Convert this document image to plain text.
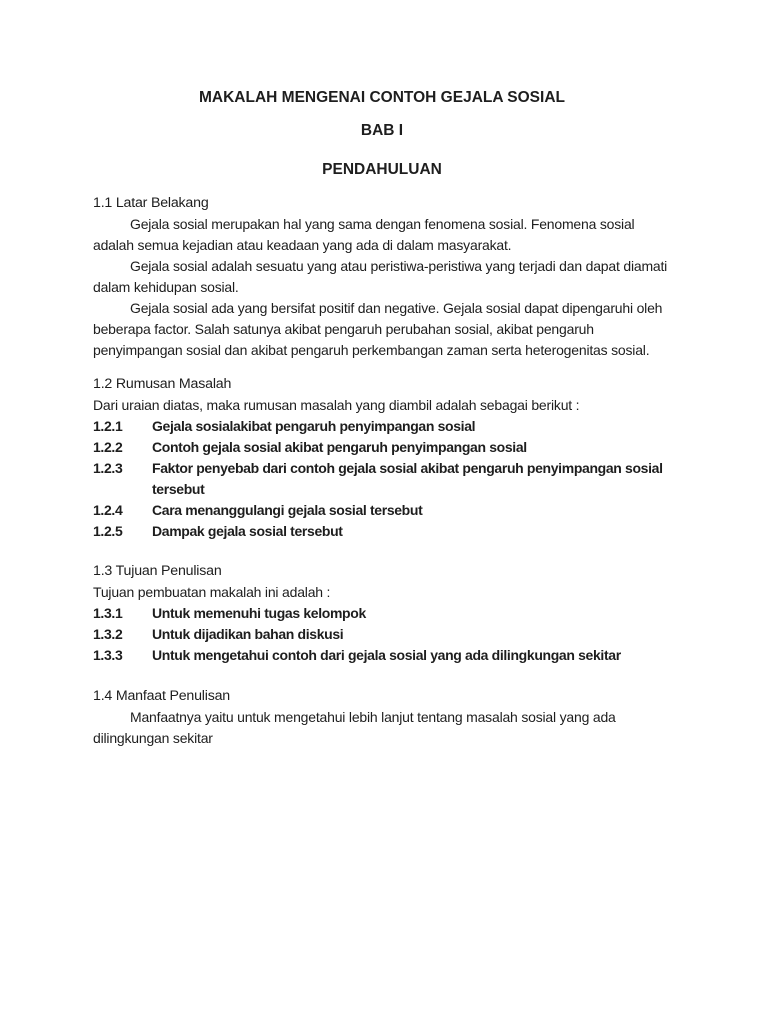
MAKALAH MENGENAI CONTOH GEJALA SOSIAL
BAB I
PENDAHULUAN
1.1 Latar Belakang

Gejala sosial merupakan hal yang sama dengan fenomena sosial. Fenomena sosial adalah semua kejadian atau keadaan yang ada di dalam masyarakat.

Gejala sosial adalah sesuatu yang atau peristiwa-peristiwa yang terjadi dan dapat diamati dalam kehidupan sosial.

Gejala sosial ada yang bersifat positif dan negative. Gejala sosial dapat dipengaruhi oleh beberapa factor. Salah satunya akibat pengaruh perubahan sosial, akibat pengaruh penyimpangan sosial dan akibat pengaruh perkembangan zaman serta heterogenitas sosial.

1.2 Rumusan Masalah

Dari uraian diatas, maka rumusan masalah yang diambil adalah sebagai berikut :

1.2.1	Gejala sosialakibat pengaruh penyimpangan sosial
1.2.2	Contoh gejala sosial akibat pengaruh penyimpangan sosial
1.2.3	Faktor penyebab dari contoh gejala sosial akibat pengaruh penyimpangan sosial tersebut
1.2.4	Cara menanggulangi gejala sosial tersebut
1.2.5	Dampak gejala sosial tersebut
1.3 Tujuan Penulisan

Tujuan pembuatan makalah ini adalah :

1.3.1	Untuk memenuhi tugas kelompok
1.3.2	Untuk dijadikan bahan diskusi
1.3.3	Untuk mengetahui contoh dari gejala sosial yang ada dilingkungan sekitar
1.4 Manfaat Penulisan

Manfaatnya yaitu untuk mengetahui lebih lanjut tentang masalah sosial yang ada dilingkungan sekitar
